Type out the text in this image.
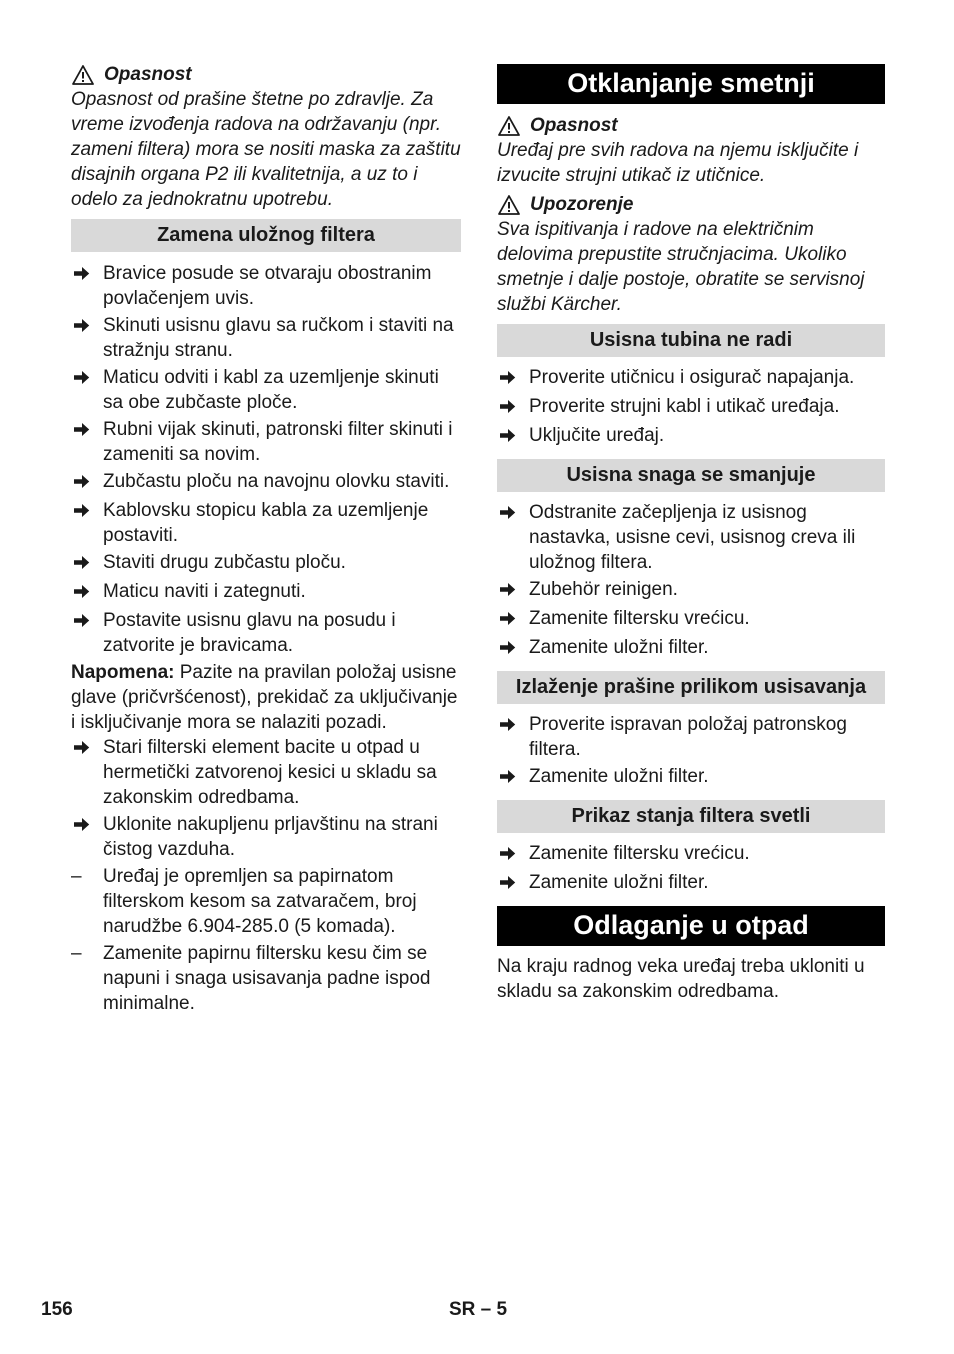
Opasnost

Opasnost od prašine štetne po zdravlje. Za vreme izvođenja radova na održavanju (npr. zameni filtera) mora se nositi maska za zaštitu disajnih organa P2 ili kvalitetnija, a uz to i odelo za jednokratnu upotrebu.

Zamena uložnog filtera
Bravice posude se otvaraju obostranim povlačenjem uvis.
Skinuti usisnu glavu sa ručkom i staviti na stražnju stranu.
Maticu odviti i kabl za uzemljenje skinuti sa obe zubčaste ploče.
Rubni vijak skinuti, patronski filter skinuti i zameniti sa novim.
Zubčastu ploču na navojnu olovku staviti.
Kablovsku stopicu kabla za uzemljenje postaviti.
Staviti drugu zubčastu ploču.
Maticu naviti i zategnuti.
Postavite usisnu glavu na posudu i zatvorite je bravicama.

Napomena: Pazite na pravilan položaj usisne glave (pričvršćenost), prekidač za uključivanje i isključivanje mora se nalaziti pozadi.

Stari filterski element bacite u otpad u hermetički zatvorenoj kesici u skladu sa zakonskim odredbama.
Uklonite nakupljenu prljavštinu na strani čistog vazduha.
–	Uređaj je opremljen sa papirnatom filterskom kesom sa zatvaračem, broj narudžbe 6.904-285.0 (5 komada).
–	Zamenite papirnu filtersku kesu čim se napuni i snaga usisavanja padne ispod minimalne.
Otklanjanje smetnji
Opasnost

Uređaj pre svih radova na njemu isključite i izvucite strujni utikač iz utičnice.

Upozorenje

Sva ispitivanja i radove na električnim delovima prepustite stručnjacima. Ukoliko smetnje i dalje postoje, obratite se servisnoj službi Kärcher.

Usisna tubina ne radi
Proverite utičnicu i osigurač napajanja.
Proverite strujni kabl i utikač uređaja.
Uključite uređaj.
Usisna snaga se smanjuje
Odstranite začepljenja iz usisnog nastavka, usisne cevi, usisnog creva ili uložnog filtera.
Zubehör reinigen.
Zamenite filtersku vrećicu.
Zamenite uložni filter.
Izlaženje prašine prilikom usisavanja
Proverite ispravan položaj patronskog filtera.
Zamenite uložni filter.
Prikaz stanja filtera svetli
Zamenite filtersku vrećicu.
Zamenite uložni filter.
Odlaganje u otpad

Na kraju radnog veka uređaj treba ukloniti u skladu sa zakonskim odredbama.

156	SR – 5
